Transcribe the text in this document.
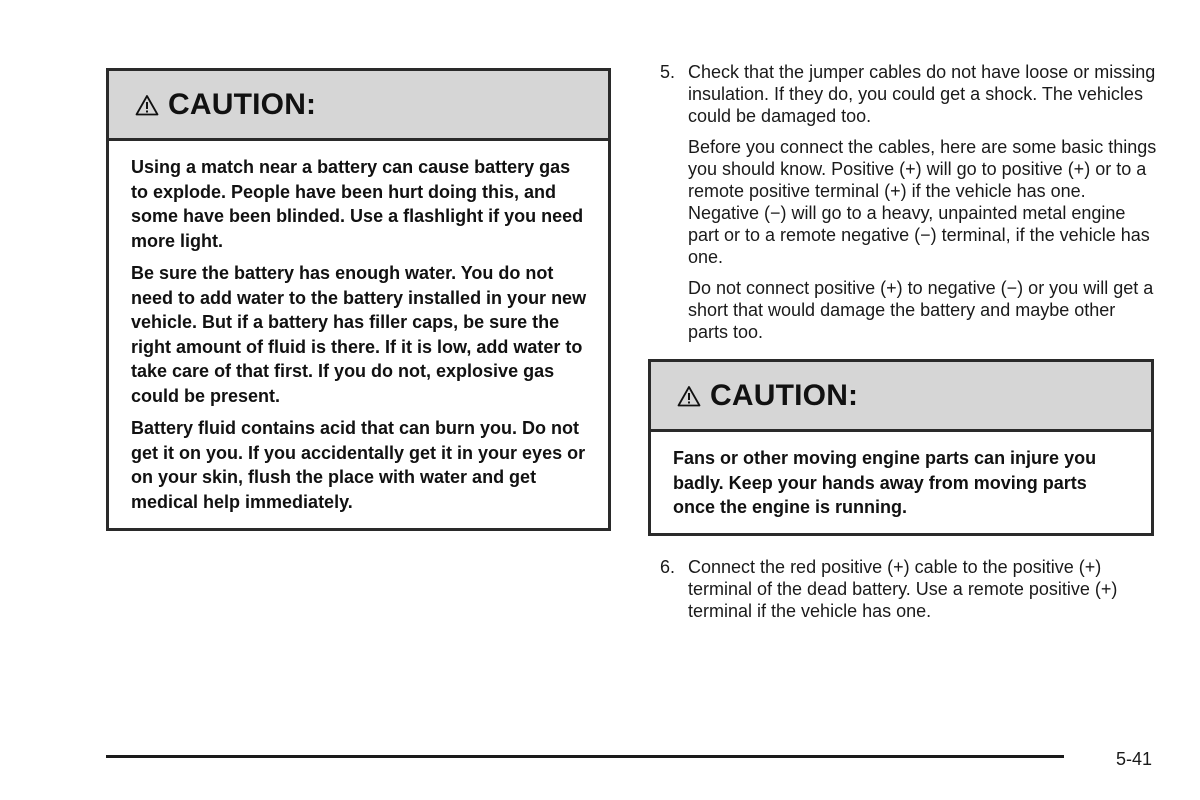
CAUTION:

Using a match near a battery can cause battery gas to explode. People have been hurt doing this, and some have been blinded. Use a flashlight if you need more light.

Be sure the battery has enough water. You do not need to add water to the battery installed in your new vehicle. But if a battery has filler caps, be sure the right amount of fluid is there. If it is low, add water to take care of that first. If you do not, explosive gas could be present.

Battery fluid contains acid that can burn you. Do not get it on you. If you accidentally get it in your eyes or on your skin, flush the place with water and get medical help immediately.

5. Check that the jumper cables do not have loose or missing insulation. If they do, you could get a shock. The vehicles could be damaged too.

Before you connect the cables, here are some basic things you should know. Positive (+) will go to positive (+) or to a remote positive terminal (+) if the vehicle has one. Negative (−) will go to a heavy, unpainted metal engine part or to a remote negative (−) terminal, if the vehicle has one.

Do not connect positive (+) to negative (−) or you will get a short that would damage the battery and maybe other parts too.

CAUTION:

Fans or other moving engine parts can injure you badly. Keep your hands away from moving parts once the engine is running.

6. Connect the red positive (+) cable to the positive (+) terminal of the dead battery. Use a remote positive (+) terminal if the vehicle has one.

5-41
